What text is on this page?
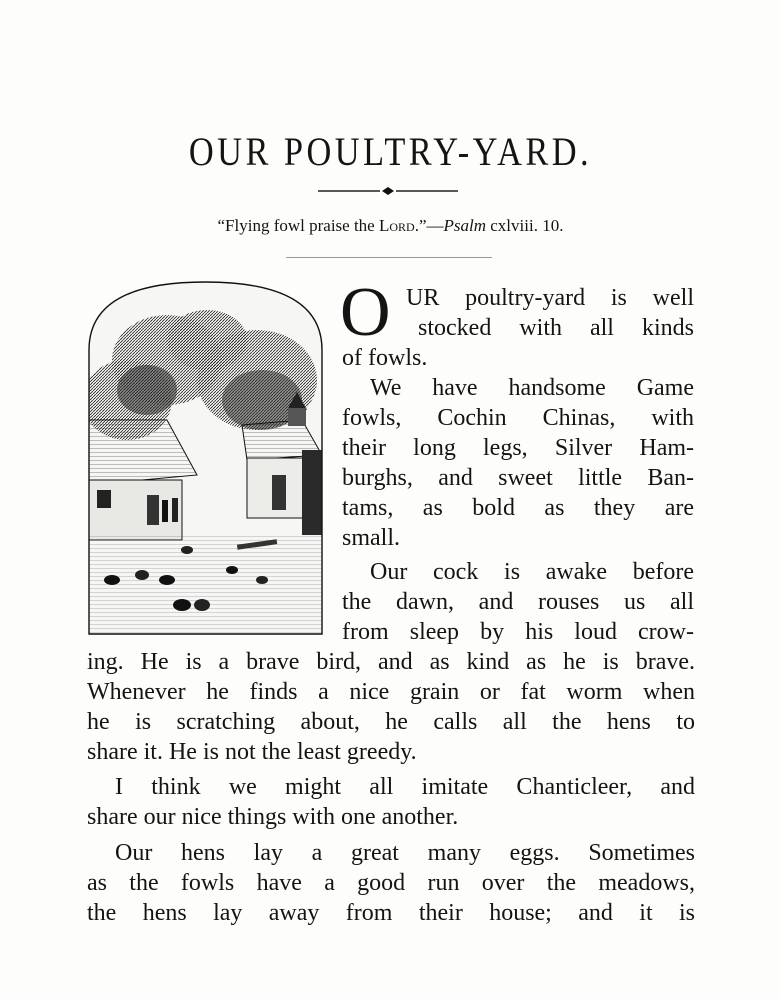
OUR POULTRY-YARD.
“Flying fowl praise the Lord.”—Psalm cxlviii. 10.
O UR poultry-yard is well
stocked with all kinds
of fowls.
We have handsome Game
fowls, Cochin Chinas, with
their long legs, Silver Ham-
burghs, and sweet little Ban-
tams, as bold as they are
small.
Our cock is awake before
the dawn, and rouses us all
from sleep by his loud crow-
ing. He is a brave bird, and as kind as he is brave.
Whenever he finds a nice grain or fat worm when
he is scratching about, he calls all the hens to
share it. He is not the least greedy.
I think we might all imitate Chanticleer, and
share our nice things with one another.
Our hens lay a great many eggs. Sometimes
as the fowls have a good run over the meadows,
the hens lay away from their house; and it is
